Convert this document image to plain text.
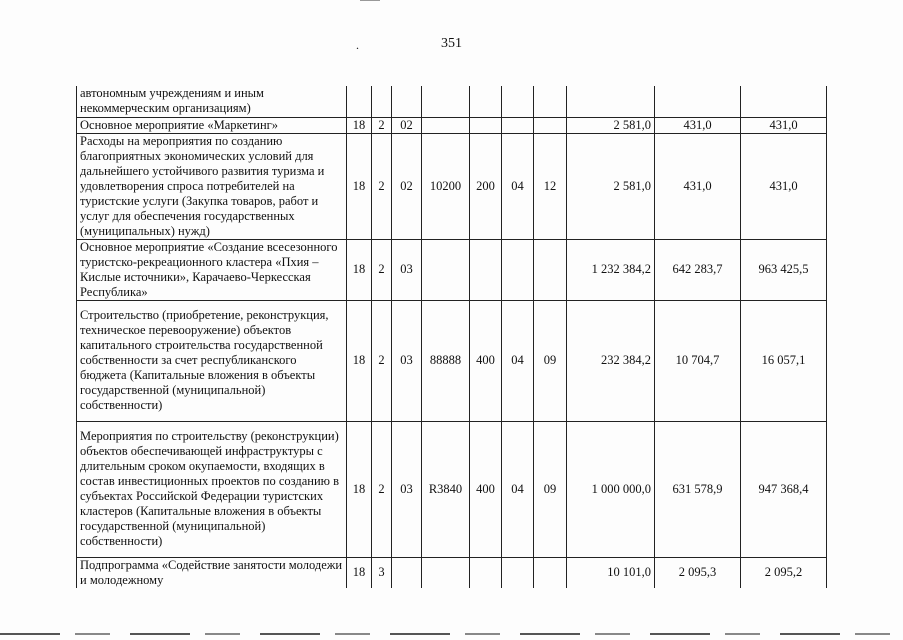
.	351
автономным учреждениям и иным некоммерческим организациям)										
Основное мероприятие «Маркетинг»	18	2	02					2 581,0	431,0	431,0
Расходы на мероприятия по созданию благоприятных экономических условий для дальнейшего устойчивого развития туризма и удовлетворения спроса потребителей на туристские услуги (Закупка товаров, работ и услуг для обеспечения государственных (муниципальных) нужд)	18	2	02	10200	200	04	12	2 581,0	431,0	431,0
Основное мероприятие «Создание всесезонного туристско-рекреационного кластера «Пхия – Кислые источники», Карачаево-Черкесская Республика»	18	2	03					1 232 384,2	642 283,7	963 425,5
Строительство (приобретение, реконструкция, техническое перевооружение) объектов капитального строительства государственной собственности за счет республиканского бюджета (Капитальные вложения в объекты государственной (муниципальной) собственности)	18	2	03	88888	400	04	09	232 384,2	10 704,7	16 057,1
Мероприятия по строительству (реконструкции) объектов обеспечивающей инфраструктуры с длительным сроком окупаемости, входящих в состав инвестиционных проектов по созданию в субъектах Российской Федерации туристских кластеров (Капитальные вложения в объекты государственной (муниципальной) собственности)	18	2	03	R3840	400	04	09	1 000 000,0	631 578,9	947 368,4
Подпрограмма «Содействие занятости молодежи и молодежному	18	3						10 101,0	2 095,3	2 095,2
